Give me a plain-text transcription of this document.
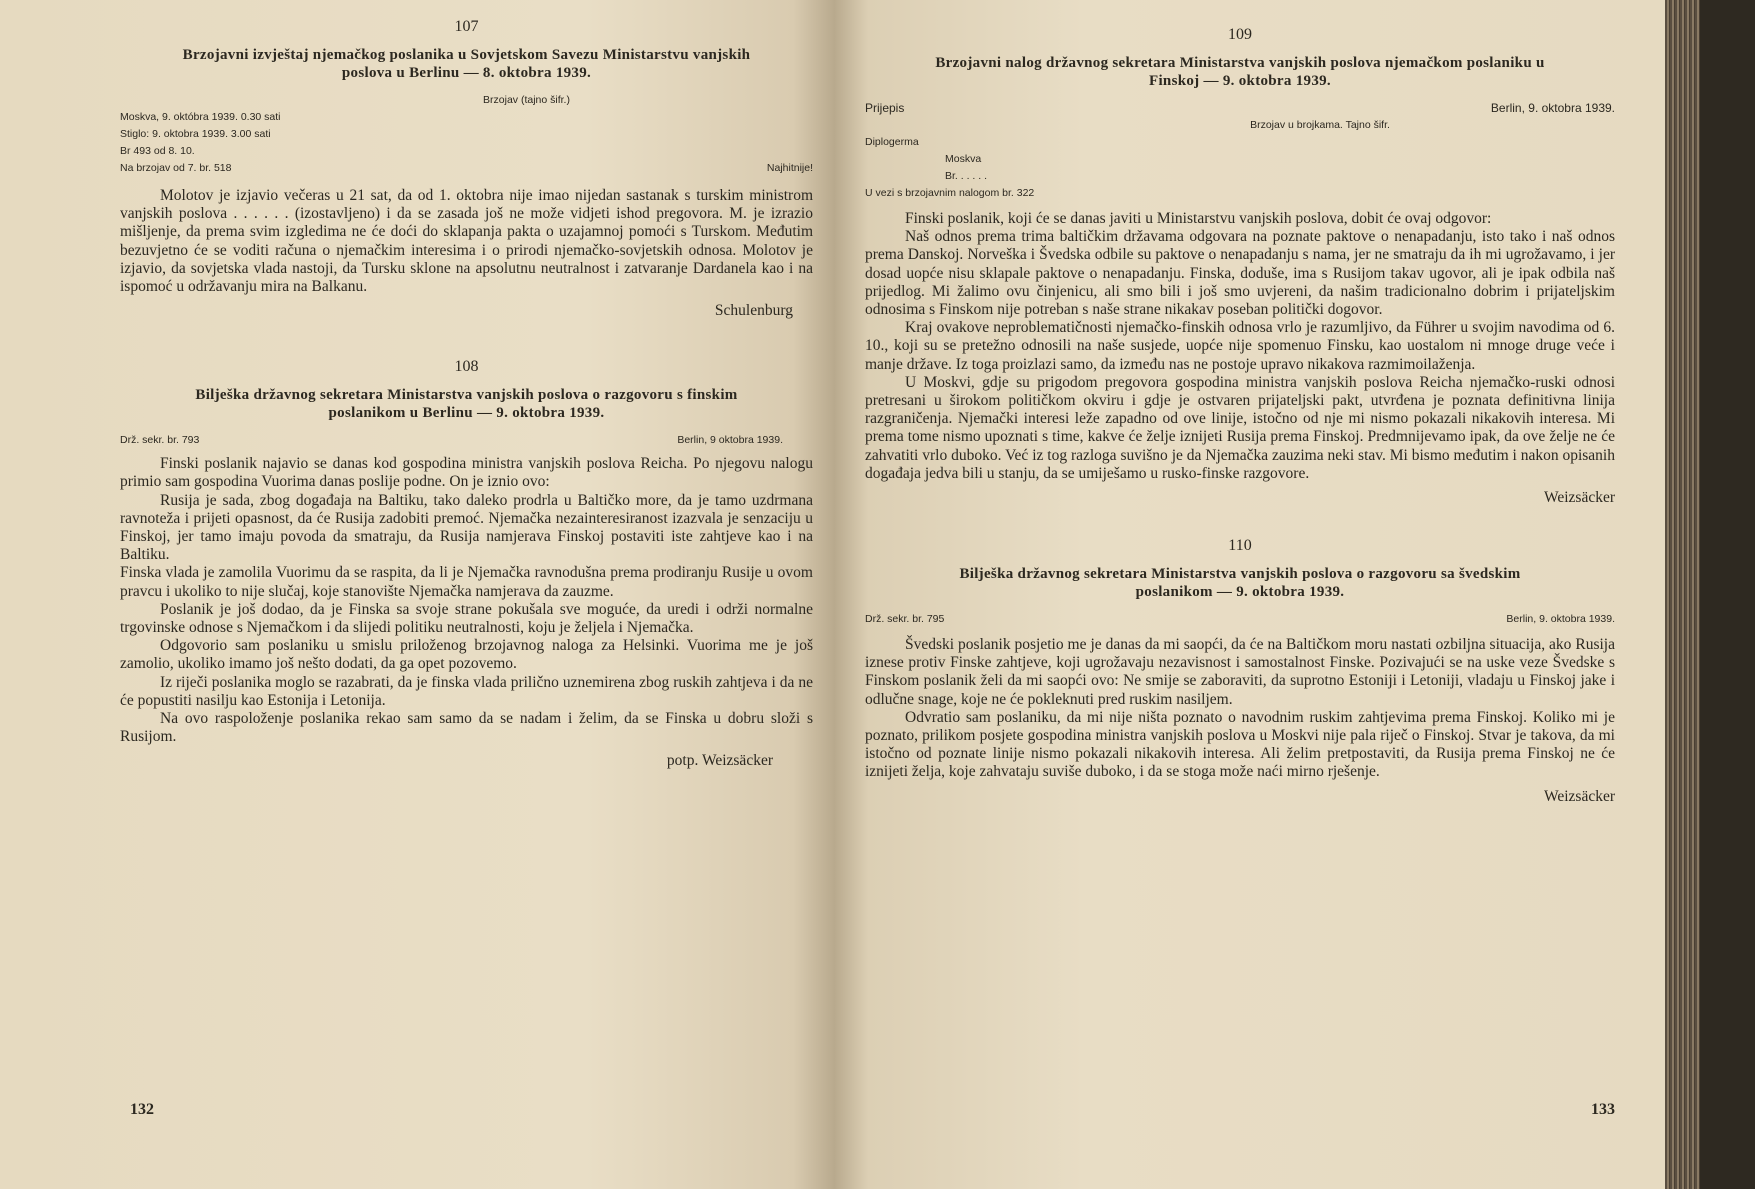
107
Brzojavni izvještaj njemačkog poslanika u Sovjetskom Savezu Ministarstvu vanjskih poslova u Berlinu — 8. oktobra 1939.
Brzojav (tajno šifr.)
Moskva, 9. októbra 1939. 0.30 sati
Stiglo: 9. oktobra 1939. 3.00 sati
Br 493 od 8. 10.
Na brzojav od 7. br. 518	Najhitnije!

Molotov je izjavio večeras u 21 sat, da od 1. oktobra nije imao nijedan sastanak s turskim ministrom vanjskih poslova . . . . . . (izostavljeno) i da se zasada još ne može vidjeti ishod pregovora. M. je izrazio mišljenje, da prema svim izgledima ne će doći do sklapanja pakta o uzajamnoj pomoći s Turskom. Međutim bezuvjetno će se voditi računa o njemačkim interesima i o prirodi njemačko-sovjetskih odnosa. Molotov je izjavio, da sovjetska vlada nastoji, da Tursku sklone na apsolutnu neutralnost i zatvaranje Dardanela kao i na ispomoć u održavanju mira na Balkanu.

Schulenburg
108
Bilješka državnog sekretara Ministarstva vanjskih poslova o razgovoru s finskim poslanikom u Berlinu — 9. oktobra 1939.
Drž. sekr. br. 793	Berlin, 9 oktobra 1939.

Finski poslanik najavio se danas kod gospodina ministra vanjskih poslova Reicha. Po njegovu nalogu primio sam gospodina Vuorima danas poslije podne. On je iznio ovo:

Rusija je sada, zbog događaja na Baltiku, tako daleko prodrla u Baltičko more, da je tamo uzdrmana ravnoteža i prijeti opasnost, da će Rusija zadobiti premoć. Njemačka nezainteresiranost izazvala je senzaciju u Finskoj, jer tamo imaju povoda da smatraju, da Rusija namjerava Finskoj postaviti iste zahtjeve kao i na Baltiku.

Finska vlada je zamolila Vuorimu da se raspita, da li je Njemačka ravnodušna prema prodiranju Rusije u ovom pravcu i ukoliko to nije slučaj, koje stanovište Njemačka namjerava da zauzme.

Poslanik je još dodao, da je Finska sa svoje strane pokušala sve moguće, da uredi i održi normalne trgovinske odnose s Njemačkom i da slijedi politiku neutralnosti, koju je željela i Njemačka.

Odgovorio sam poslaniku u smislu priloženog brzojavnog naloga za Helsinki. Vuorima me je još zamolio, ukoliko imamo još nešto dodati, da ga opet pozovemo.

Iz riječi poslanika moglo se razabrati, da je finska vlada prilično uznemirena zbog ruskih zahtjeva i da ne će popustiti nasilju kao Estonija i Letonija.

Na ovo raspoloženje poslanika rekao sam samo da se nadam i želim, da se Finska u dobru složi s Rusijom.

potp. Weizsäcker
132
109
Brzojavni nalog državnog sekretara Ministarstva vanjskih poslova njemačkom poslaniku u Finskoj — 9. oktobra 1939.
Prijepis	Berlin, 9. oktobra 1939.
Brzojav u brojkama. Tajno šifr.
Diplogerma
Moskva
Br. . . . . .
U vezi s brzojavnim nalogom br. 322

Finski poslanik, koji će se danas javiti u Ministarstvu vanjskih poslova, dobit će ovaj odgovor:

Naš odnos prema trima baltičkim državama odgovara na poznate paktove o nenapadanju, isto tako i naš odnos prema Danskoj. Norveška i Švedska odbile su paktove o nenapadanju s nama, jer ne smatraju da ih mi ugrožavamo, i jer dosad uopće nisu sklapale paktove o nenapadanju. Finska, doduše, ima s Rusijom takav ugovor, ali je ipak odbila naš prijedlog. Mi žalimo ovu činjenicu, ali smo bili i još smo uvjereni, da našim tradicionalno dobrim i prijateljskim odnosima s Finskom nije potreban s naše strane nikakav poseban politički dogovor.

Kraj ovakove neproblematičnosti njemačko-finskih odnosa vrlo je razumljivo, da Führer u svojim navodima od 6. 10., koji su se pretežno odnosili na naše susjede, uopće nije spomenuo Finsku, kao uostalom ni mnoge druge veće i manje države. Iz toga proizlazi samo, da između nas ne postoje upravo nikakova razmimoilaženja.

U Moskvi, gdje su prigodom pregovora gospodina ministra vanjskih poslova Reicha njemačko-ruski odnosi pretresani u širokom političkom okviru i gdje je ostvaren prijateljski pakt, utvrđena je poznata definitivna linija razgraničenja. Njemački interesi leže zapadno od ove linije, istočno od nje mi nismo pokazali nikakovih interesa. Mi prema tome nismo upoznati s time, kakve će želje iznijeti Rusija prema Finskoj. Predmnijevamo ipak, da ove želje ne će zahvatiti vrlo duboko. Već iz tog razloga suvišno je da Njemačka zauzima neki stav. Mi bismo međutim i nakon opisanih događaja jedva bili u stanju, da se umiješamo u rusko-finske razgovore.

Weizsäcker
110
Bilješka državnog sekretara Ministarstva vanjskih poslova o razgovoru sa švedskim poslanikom — 9. oktobra 1939.
Drž. sekr. br. 795	Berlin, 9. oktobra 1939.

Švedski poslanik posjetio me je danas da mi saopći, da će na Baltičkom moru nastati ozbiljna situacija, ako Rusija iznese protiv Finske zahtjeve, koji ugrožavaju nezavisnost i samostalnost Finske. Pozivajući se na uske veze Švedske s Finskom poslanik želi da mi saopći ovo: Ne smije se zaboraviti, da suprotno Estoniji i Letoniji, vladaju u Finskoj jake i odlučne snage, koje ne će pokleknuti pred ruskim nasiljem.

Odvratio sam poslaniku, da mi nije ništa poznato o navodnim ruskim zahtjevima prema Finskoj. Koliko mi je poznato, prilikom posjete gospodina ministra vanjskih poslova u Moskvi nije pala riječ o Finskoj. Stvar je takova, da mi istočno od poznate linije nismo pokazali nikakovih interesa. Ali želim pretpostaviti, da Rusija prema Finskoj ne će iznijeti želja, koje zahvataju suviše duboko, i da se stoga može naći mirno rješenje.

Weizsäcker
133
